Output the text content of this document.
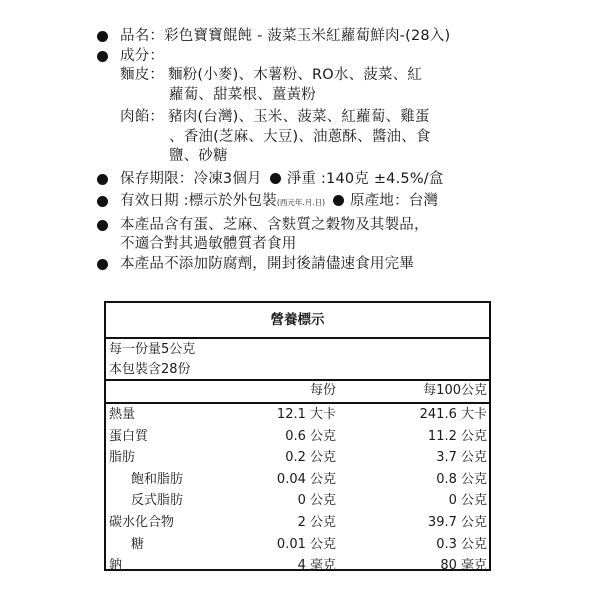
品名：彩色寶寶餛飩 - 菠菜玉米紅蘿蔔鮮肉-(28入)
成分：
麵皮： 麵粉(小麥)、木薯粉、RO水、菠菜、紅
蘿蔔、甜菜根、薑黃粉
肉餡： 豬肉(台灣)、玉米、菠菜、紅蘿蔔、雞蛋
、香油(芝麻、大豆)、油蔥酥、醬油、食
鹽、砂糖
保存期限：冷凍3個月 淨重 :140克 ±4.5%/盒
有效日期 :標示於外包裝(西元年.月.日) 原產地：台灣
本產品含有蛋、芝麻、含麩質之穀物及其製品，
不適合對其過敏體質者食用
本產品不添加防腐劑，開封後請儘速食用完畢
營養標示
每一份量5公克
本包裝含28份
每份	每100公克
熱量	12.1 大卡	241.6 大卡
蛋白質	0.6 公克	11.2 公克
脂肪	0.2 公克	3.7 公克
飽和脂肪	0.04 公克	0.8 公克
反式脂肪	0 公克	0 公克
碳水化合物	2 公克	39.7 公克
糖	0.01 公克	0.3 公克
鈉	4 毫克	80 毫克
